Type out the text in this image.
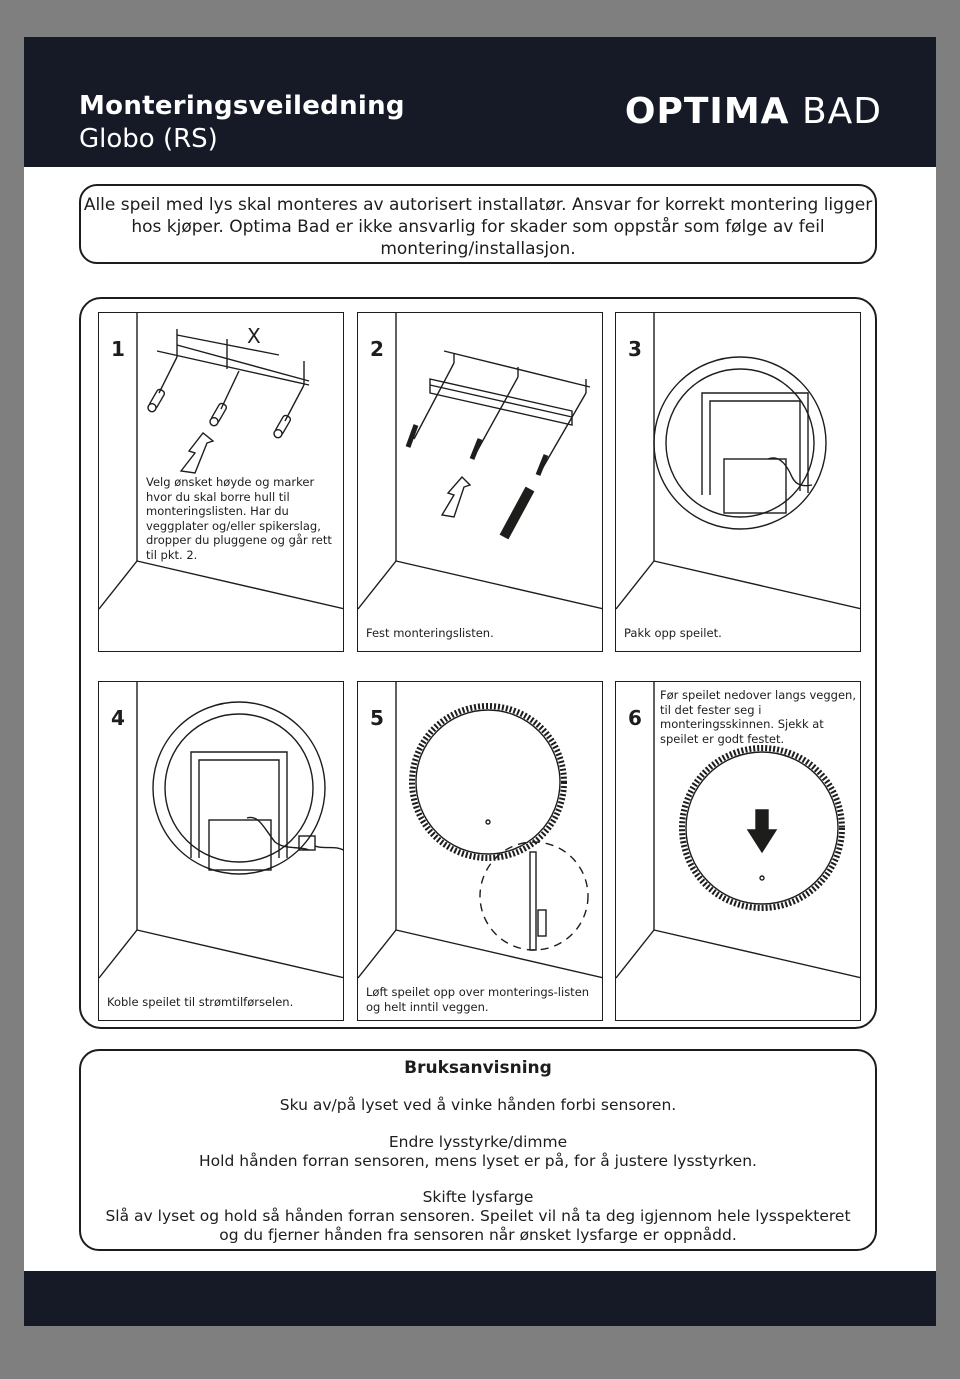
Monteringsveiledning
Globo (RS)
OPTIMA BAD
Alle speil med lys skal monteres av autorisert installatør. Ansvar for korrekt montering ligger hos kjøper. Optima Bad er ikke ansvarlig for skader som oppstår som følge av feil montering/installasjon.
X
1
Velg ønsket høyde og marker hvor du skal borre hull til monteringslisten. Har du veggplater og/eller spikerslag, dropper du pluggene og går rett til pkt. 2.
2
Fest monteringslisten.
3
Pakk opp speilet.
4
Koble speilet til strømtilførselen.
5
Løft speilet opp over monterings-listen og helt inntil veggen.
6
Før speilet nedover langs veggen, til det fester seg i monteringsskinnen. Sjekk at speilet er godt festet.
Bruksanvisning
Sku av/på lyset ved å vinke hånden forbi sensoren.
Endre lysstyrke/dimme
Hold hånden forran sensoren, mens lyset er på, for å justere lysstyrken.
Skifte lysfarge
Slå av lyset og hold så hånden forran sensoren. Speilet vil nå ta deg igjennom hele lysspekteret og du fjerner hånden fra sensoren når ønsket lysfarge er oppnådd.
